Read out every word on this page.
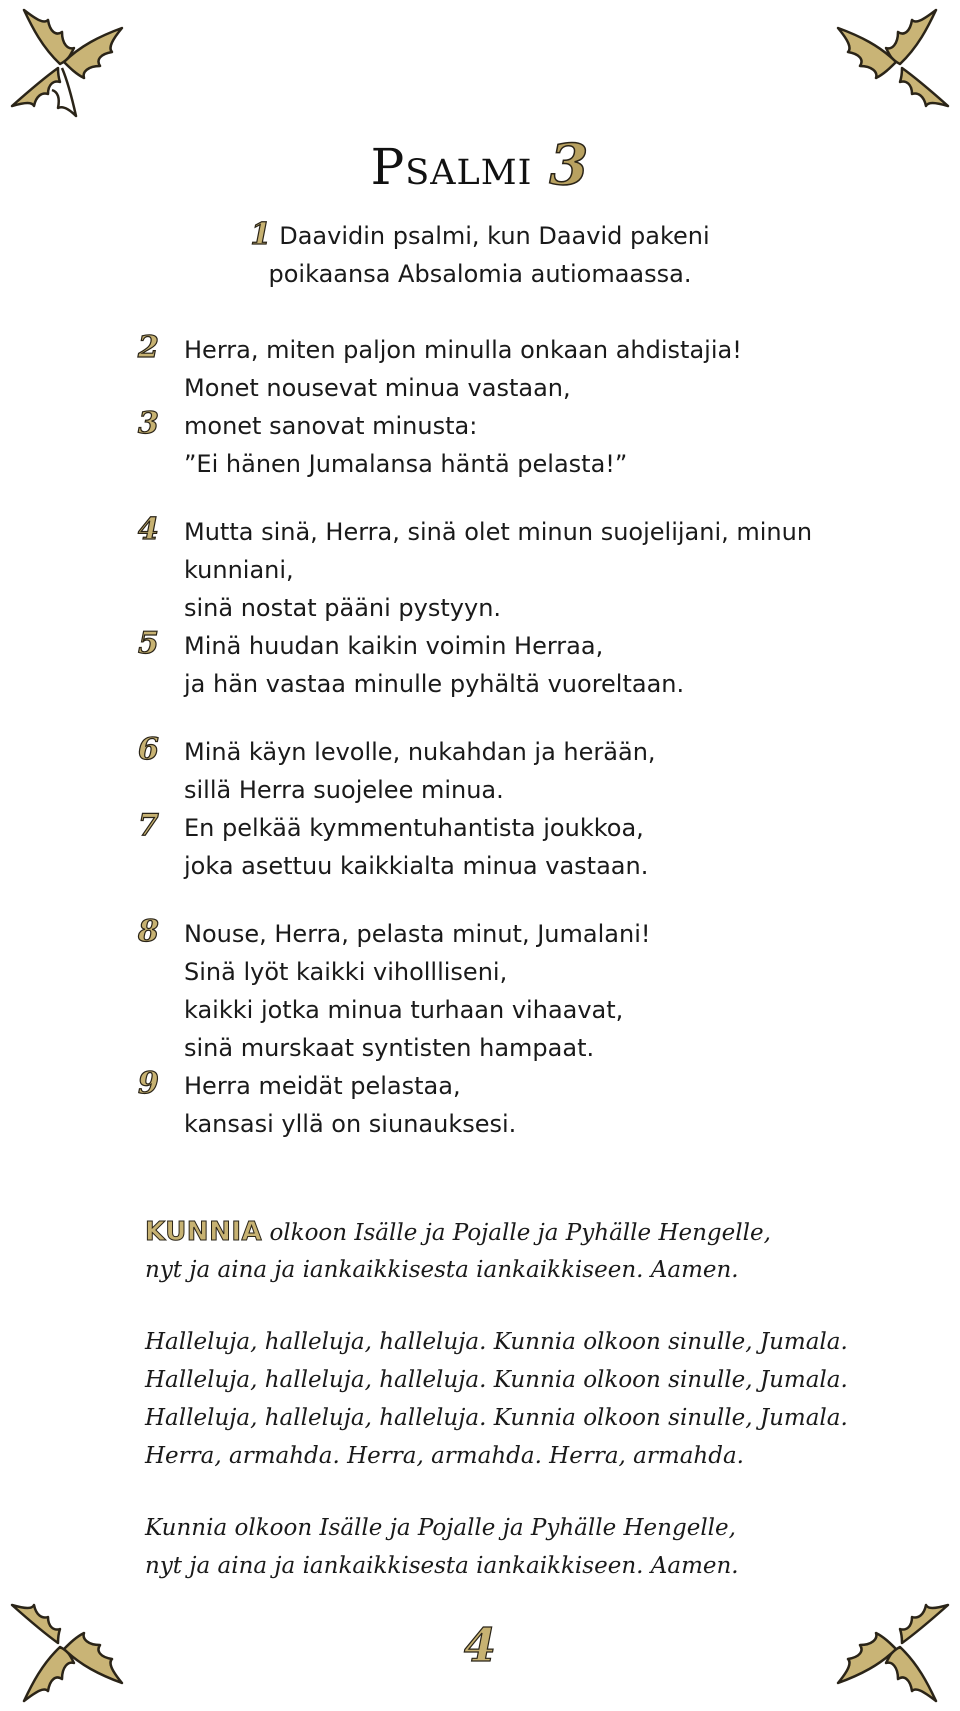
Psalmi 3
1 Daavidin psalmi, kun Daavid pakeni
poikaansa Absalomia autiomaassa.
2 Herra, miten paljon minulla onkaan ahdistajia!
Monet nousevat minua vastaan,
3 monet sanovat minusta:
”Ei hänen Jumalansa häntä pelasta!”
4 Mutta sinä, Herra, sinä olet minun suojelijani, minun
kunniani,
sinä nostat pääni pystyyn.
5 Minä huudan kaikin voimin Herraa,
ja hän vastaa minulle pyhältä vuoreltaan.
6 Minä käyn levolle, nukahdan ja herään,
sillä Herra suojelee minua.
7 En pelkää kymmentuhantista joukkoa,
joka asettuu kaikkialta minua vastaan.
8 Nouse, Herra, pelasta minut, Jumalani!
Sinä lyöt kaikki vihollliseni,
kaikki jotka minua turhaan vihaavat,
sinä murskaat syntisten hampaat.
9 Herra meidät pelastaa,
kansasi yllä on siunauksesi.
KUNNIA olkoon Isälle ja Pojalle ja Pyhälle Hengelle,
nyt ja aina ja iankaikkisesta iankaikkiseen. Aamen.
Halleluja, halleluja, halleluja. Kunnia olkoon sinulle, Jumala.
Halleluja, halleluja, halleluja. Kunnia olkoon sinulle, Jumala.
Halleluja, halleluja, halleluja. Kunnia olkoon sinulle, Jumala.
Herra, armahda. Herra, armahda. Herra, armahda.
Kunnia olkoon Isälle ja Pojalle ja Pyhälle Hengelle,
nyt ja aina ja iankaikkisesta iankaikkiseen. Aamen.
4
